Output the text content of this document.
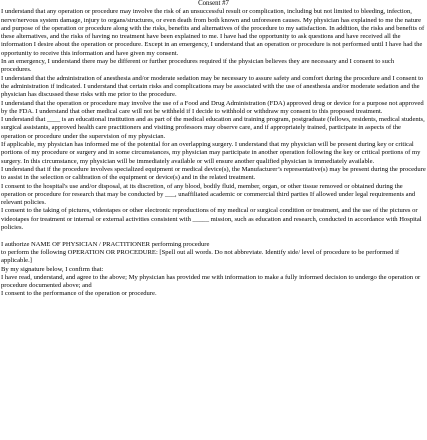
Consent #7

I understand that any operation or procedure may involve the risk of an unsuccessful result or complication, including but not limited to bleeding, infection, nerve/nervous system damage, injury to organs/structures, or even death from both known and unforeseen causes. My physician has explained to me the nature and purpose of the operation or procedure along with the risks, benefits and alternatives of the procedure to my satisfaction. In addition, the risks and benefits of these alternatives, and the risks of having no treatment have been explained to me. I have had the opportunity to ask questions and have received all the information I desire about the operation or procedure. Except in an emergency, I understand that an operation or procedure is not performed until I have had the opportunity to receive this information and have given my consent.

In an emergency, I understand there may be different or further procedures required if the physician believes they are necessary and I consent to such procedures.

I understand that the administration of anesthesia and/or moderate sedation may be necessary to assure safety and comfort during the procedure and I consent to the administration if indicated. I understand that certain risks and complications may be associated with the use of anesthesia and/or moderate sedation and the physician has discussed these risks with me prior to the procedure.

I understand that the operation or procedure may involve the use of a Food and Drug Administration (FDA) approved drug or device for a purpose not approved by the FDA. I understand that other medical care will not be withheld if I decide to withhold or withdraw my consent to this proposed treatment.

I understand that ____ is an educational institution and as part of the medical education and training program, postgraduate (fellows, residents, medical students, surgical assistants, approved health care practitioners and visiting professors may observe care, and if appropriately trained, participate in aspects of the operation or procedure under the supervision of my physician.

If applicable, my physician has informed me of the potential for an overlapping surgery. I understand that my physician will be present during key or critical portions of my procedure or surgery and in some circumstances, my physician may participate in another operation following the key or critical portions of my surgery. In this circumstance, my physician will be immediately available or will ensure another qualified physician is immediately available.

I understand that if the procedure involves specialized equipment or medical device(s), the Manufacturer’s representative(s) may be present during the procedure to assist in the selection or calibration of the equipment or device(s) and in the related treatment.

I consent to the hospital's use and/or disposal, at its discretion, of any blood, bodily fluid, member, organ, or other tissue removed or obtained during the operation or procedure for research that may be conducted by ___, unaffiliated academic or commercial third parties If allowed under legal requirements and relevant policies.

I consent to the taking of pictures, videotapes or other electronic reproductions of my medical or surgical condition or treatment, and the use of the pictures or videotapes for treatment or internal or external activities consistent with _____ mission, such as education and research, conducted in accordance with Hospital policies.

I authorize NAME OF PHYSICIAN / PRACTITIONER performing procedure

to perform the following OPERATION OR PROCEDURE: [Spell out all words. Do not abbreviate. Identify side/ level of procedure to be performed if applicable.]

By my signature below, I confirm that:

I have read, understand, and agree to the above; My physician has provided me with information to make a fully informed decision to undergo the operation or procedure documented above; and

I consent to the performance of the operation or procedure.
